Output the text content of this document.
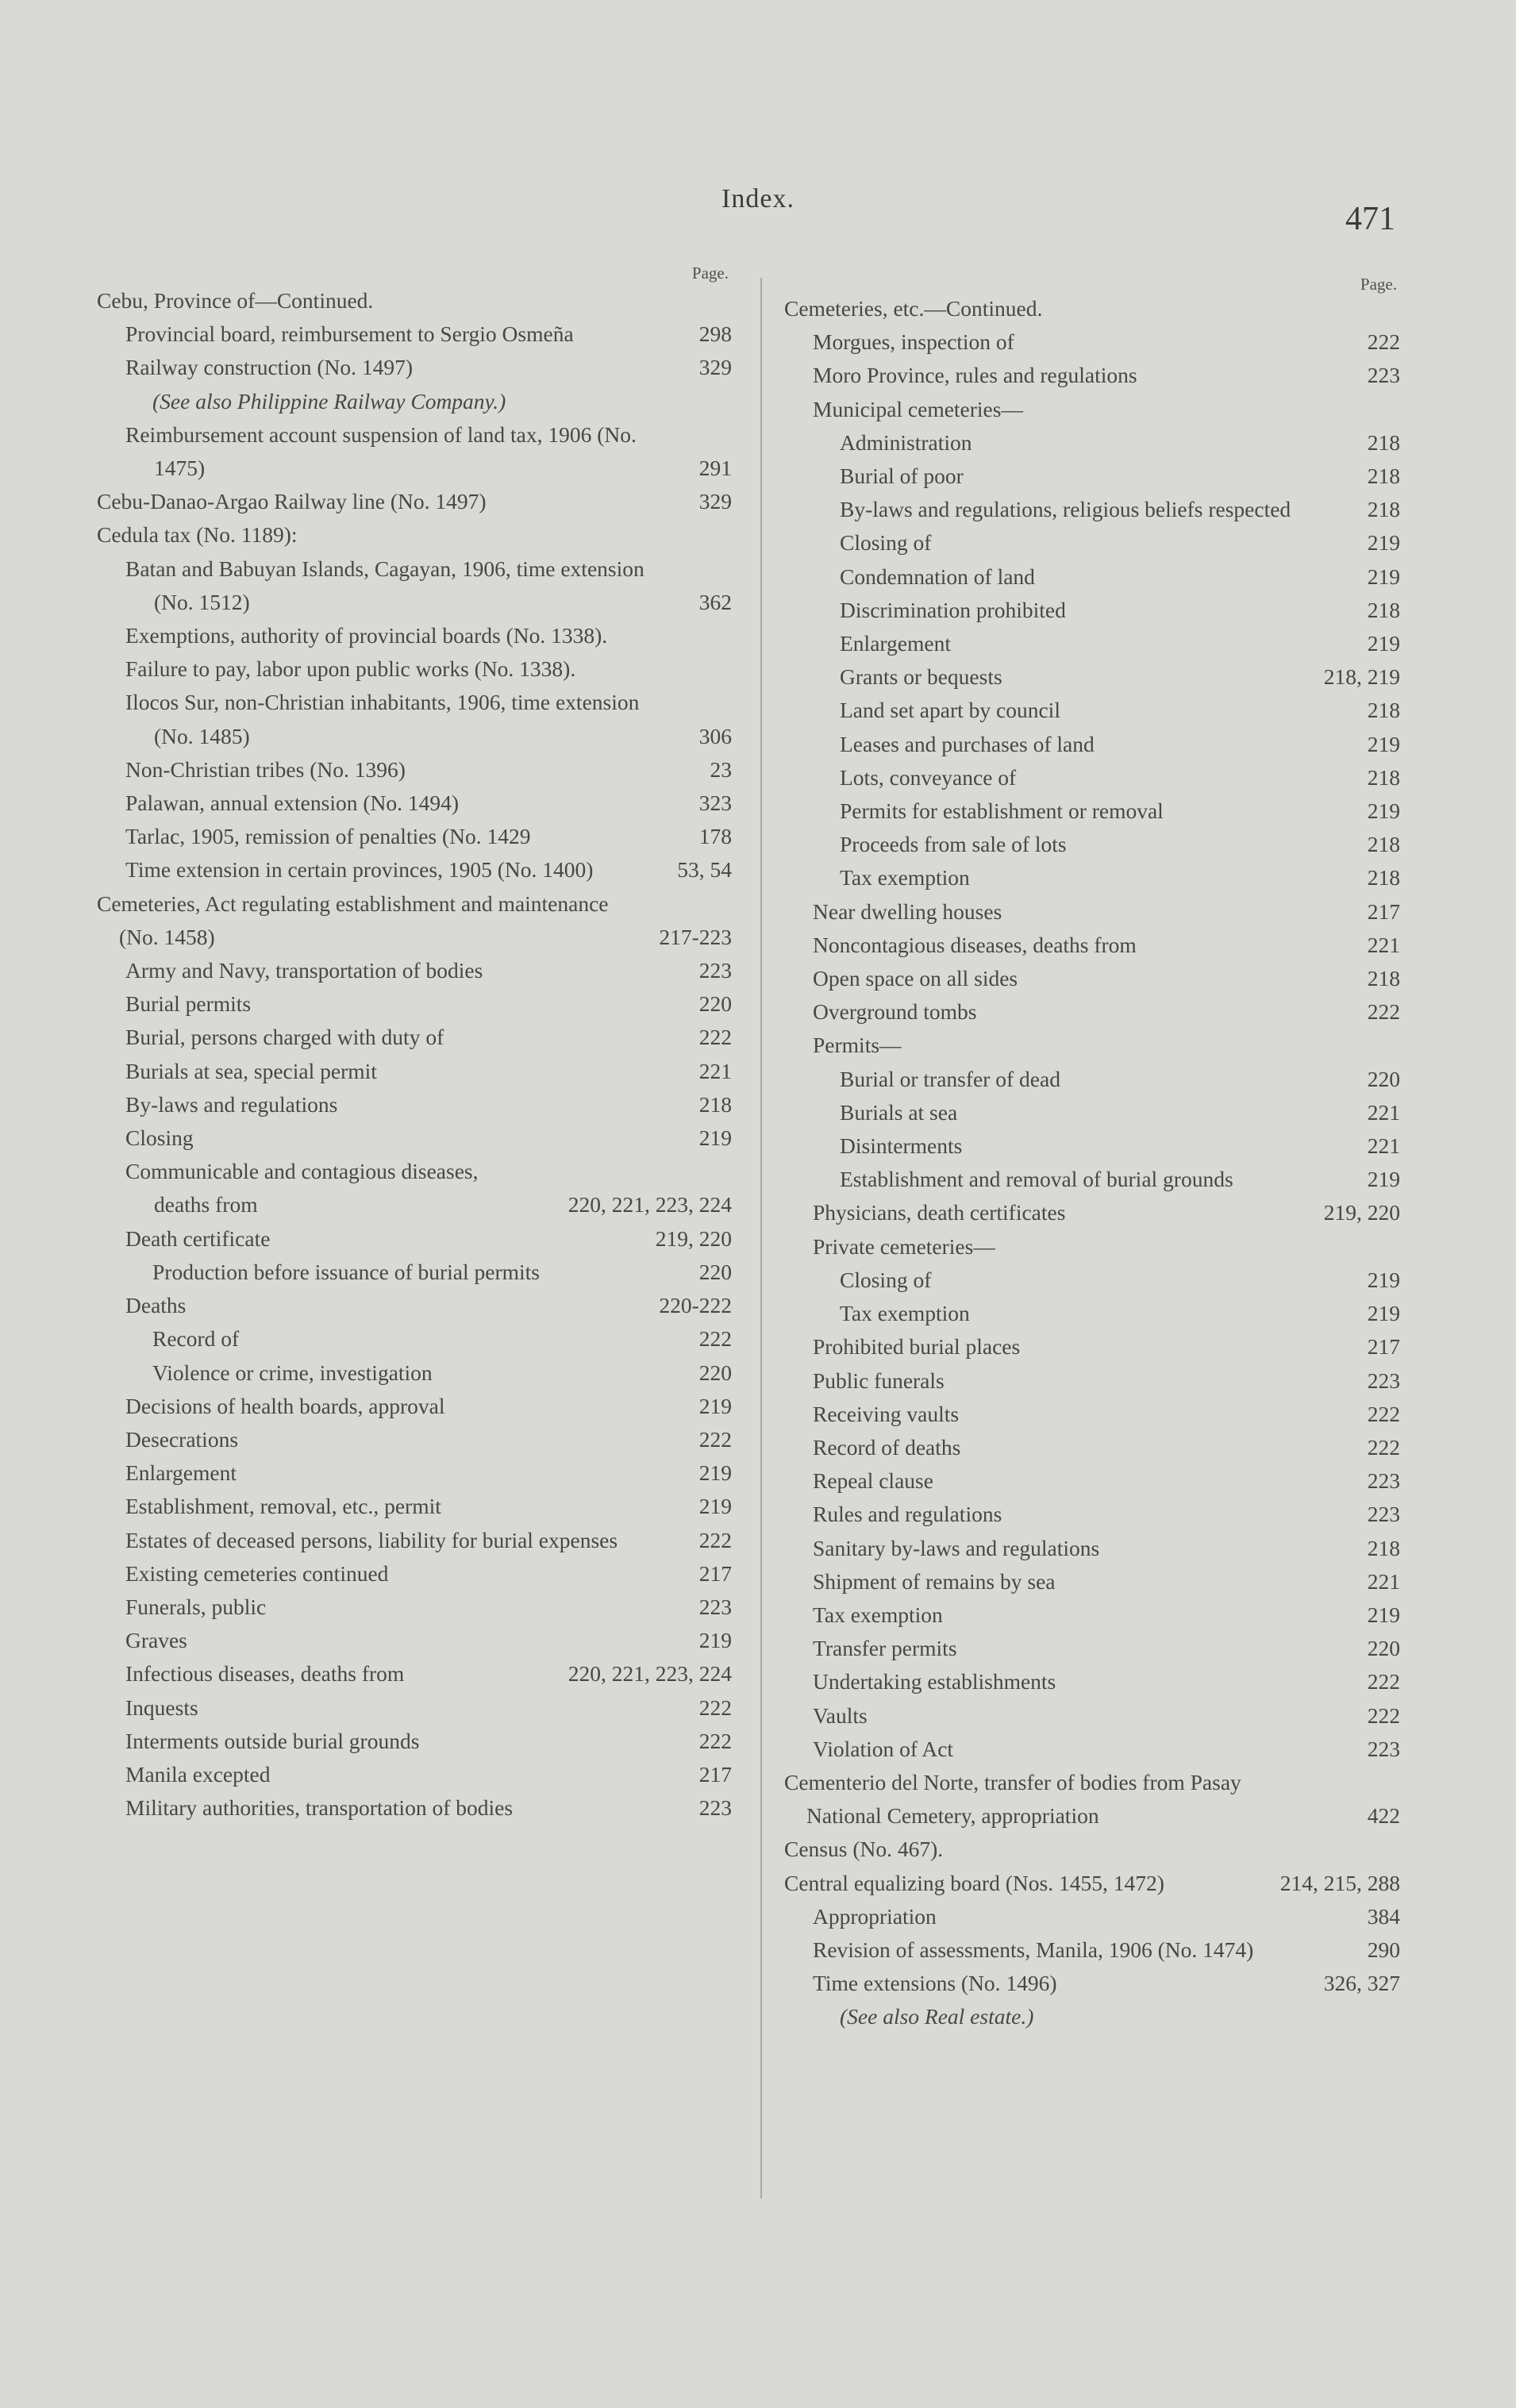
Index.
471
Page.
Cebu, Province of—Continued.
Provincial board, reimbursement to Sergio Osmeña	298
Railway construction (No. 1497)	329
(See also Philippine Railway Company.)
Reimbursement account suspension of land tax, 1906 (No. 1475)	291
Cebu-Danao-Argao Railway line (No. 1497)	329
Cedula tax (No. 1189):
Batan and Babuyan Islands, Cagayan, 1906, time extension (No. 1512)	362
Exemptions, authority of provincial boards (No. 1338).
Failure to pay, labor upon public works (No. 1338).
Ilocos Sur, non-Christian inhabitants, 1906, time extension (No. 1485)	306
Non-Christian tribes (No. 1396)	23
Palawan, annual extension (No. 1494)	323
Tarlac, 1905, remission of penalties (No. 1429	178
Time extension in certain provinces, 1905 (No. 1400)	53, 54
Cemeteries, Act regulating establishment and maintenance (No. 1458)	217-223
Army and Navy, transportation of bodies	223
Burial permits	220
Burial, persons charged with duty of	222
Burials at sea, special permit	221
By-laws and regulations	218
Closing	219
Communicable and contagious diseases, deaths from	220, 221, 223, 224
Death certificate	219, 220
Production before issuance of burial permits	220
Deaths	220-222
Record of	222
Violence or crime, investigation	220
Decisions of health boards, approval	219
Desecrations	222
Enlargement	219
Establishment, removal, etc., permit	219
Estates of deceased persons, liability for burial expenses	222
Existing cemeteries continued	217
Funerals, public	223
Graves	219
Infectious diseases, deaths from	220, 221, 223, 224
Inquests	222
Interments outside burial grounds	222
Manila excepted	217
Military authorities, transportation of bodies	223
Page.
Cemeteries, etc.—Continued.
Morgues, inspection of	222
Moro Province, rules and regulations	223
Municipal cemeteries—
Administration	218
Burial of poor	218
By-laws and regulations, religious beliefs respected	218
Closing of	219
Condemnation of land	219
Discrimination prohibited	218
Enlargement	219
Grants or bequests	218, 219
Land set apart by council	218
Leases and purchases of land	219
Lots, conveyance of	218
Permits for establishment or removal	219
Proceeds from sale of lots	218
Tax exemption	218
Near dwelling houses	217
Noncontagious diseases, deaths from	221
Open space on all sides	218
Overground tombs	222
Permits—
Burial or transfer of dead	220
Burials at sea	221
Disinterments	221
Establishment and removal of burial grounds	219
Physicians, death certificates	219, 220
Private cemeteries—
Closing of	219
Tax exemption	219
Prohibited burial places	217
Public funerals	223
Receiving vaults	222
Record of deaths	222
Repeal clause	223
Rules and regulations	223
Sanitary by-laws and regulations	218
Shipment of remains by sea	221
Tax exemption	219
Transfer permits	220
Undertaking establishments	222
Vaults	222
Violation of Act	223
Cementerio del Norte, transfer of bodies from Pasay National Cemetery, appropriation	422
Census (No. 467).
Central equalizing board (Nos. 1455, 1472)	214, 215, 288
Appropriation	384
Revision of assessments, Manila, 1906 (No. 1474)	290
Time extensions (No. 1496)	326, 327
(See also Real estate.)
